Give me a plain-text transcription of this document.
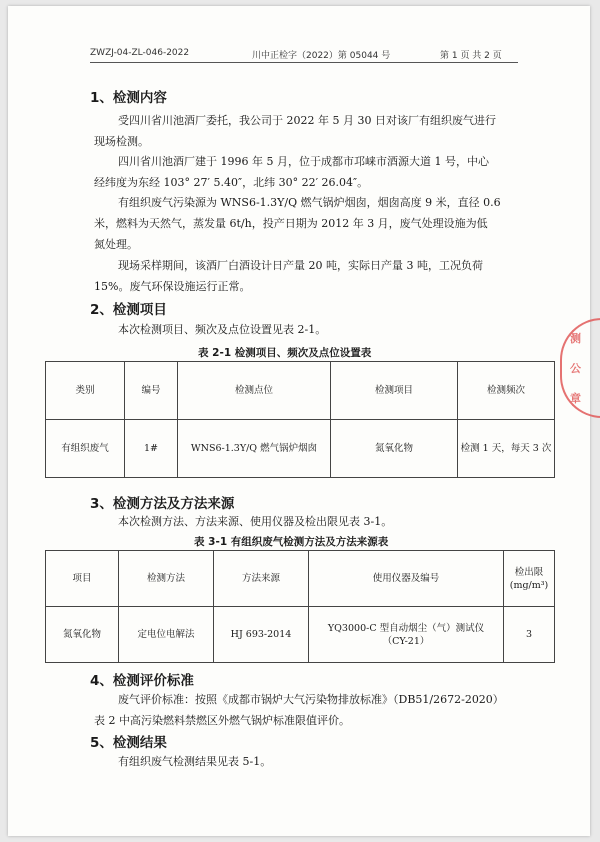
ZWZJ-04-ZL-046-2022	川中正检字（2022）第 05044 号	第 1 页 共 2 页
1、检测内容
受四川省川池酒厂委托，我公司于 2022 年 5 月 30 日对该厂有组织废气进行
现场检测。
四川省川池酒厂建于 1996 年 5 月，位于成都市邛崃市酒源大道 1 号，中心
经纬度为东经 103° 27′ 5.40″，北纬 30° 22′ 26.04″。
有组织废气污染源为 WNS6-1.3Y/Q 燃气锅炉烟囱，烟囱高度 9 米，直径 0.6
米，燃料为天然气，蒸发量 6t/h，投产日期为 2012 年 3 月，废气处理设施为低
氮处理。
现场采样期间，该酒厂白酒设计日产量 20 吨，实际日产量 3 吨，工况负荷
15%。废气环保设施运行正常。
2、检测项目
本次检测项目、频次及点位设置见表 2-1。
表 2-1 检测项目、频次及点位设置表
类别	编号	检测点位	检测项目	检测频次
有组织废气	1#	WNS6-1.3Y/Q 燃气锅炉烟囱	氮氧化物	检测 1 天，每天 3 次
3、检测方法及方法来源
本次检测方法、方法来源、使用仪器及检出限见表 3-1。
表 3-1 有组织废气检测方法及方法来源表
项目	检测方法	方法来源	使用仪器及编号	检出限
(mg/m³)

氮氧化物	定电位电解法	HJ 693-2014	YQ3000-C 型自动烟尘（气）测试仪
（CY-21）	3
4、检测评价标准
废气评价标准：按照《成都市锅炉大气污染物排放标准》（DB51/2672-2020）
表 2 中高污染燃料禁燃区外燃气锅炉标准限值评价。
5、检测结果
有组织废气检测结果见表 5-1。
测
公
章
